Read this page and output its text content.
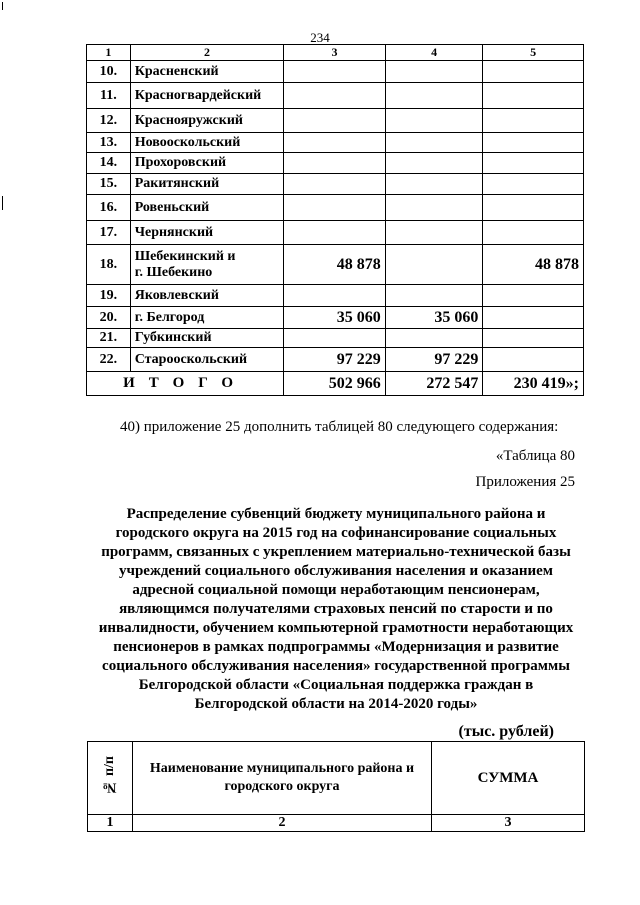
234
1	2	3	4	5
10.	Красненский			
11.	Красногвардейский			
12.	Краснояружский			
13.	Новооскольский			
14.	Прохоровский			
15.	Ракитянский			
16.	Ровеньский			
17.	Чернянский			
18.	Шебекинский и
г. Шебекино	48 878		48 878
19.	Яковлевский			
20.	г. Белгород	35 060	35 060	
21.	Губкинский			
22.	Старооскольский	97 229	97 229	
ИТОГО		502 966	272 547	230 419»;
40) приложение 25 дополнить таблицей 80 следующего содержания:
«Таблица 80
Приложения 25
Распределение субвенций бюджету муниципального района и городского округа на 2015 год на софинансирование социальных программ, связанных с укреплением материально-технической базы учреждений социального обслуживания населения и оказанием адресной социальной помощи неработающим пенсионерам, являющимся получателями страховых пенсий по старости и по инвалидности, обучением компьютерной грамотности неработающих пенсионеров в рамках подпрограммы «Модернизация и развитие социального обслуживания населения» государственной программы Белгородской области «Социальная поддержка граждан в Белгородской области на 2014-2020 годы»
(тыс. рублей)
№ п/п	Наименование муниципального района и городского округа	СУММА
1	2	3
